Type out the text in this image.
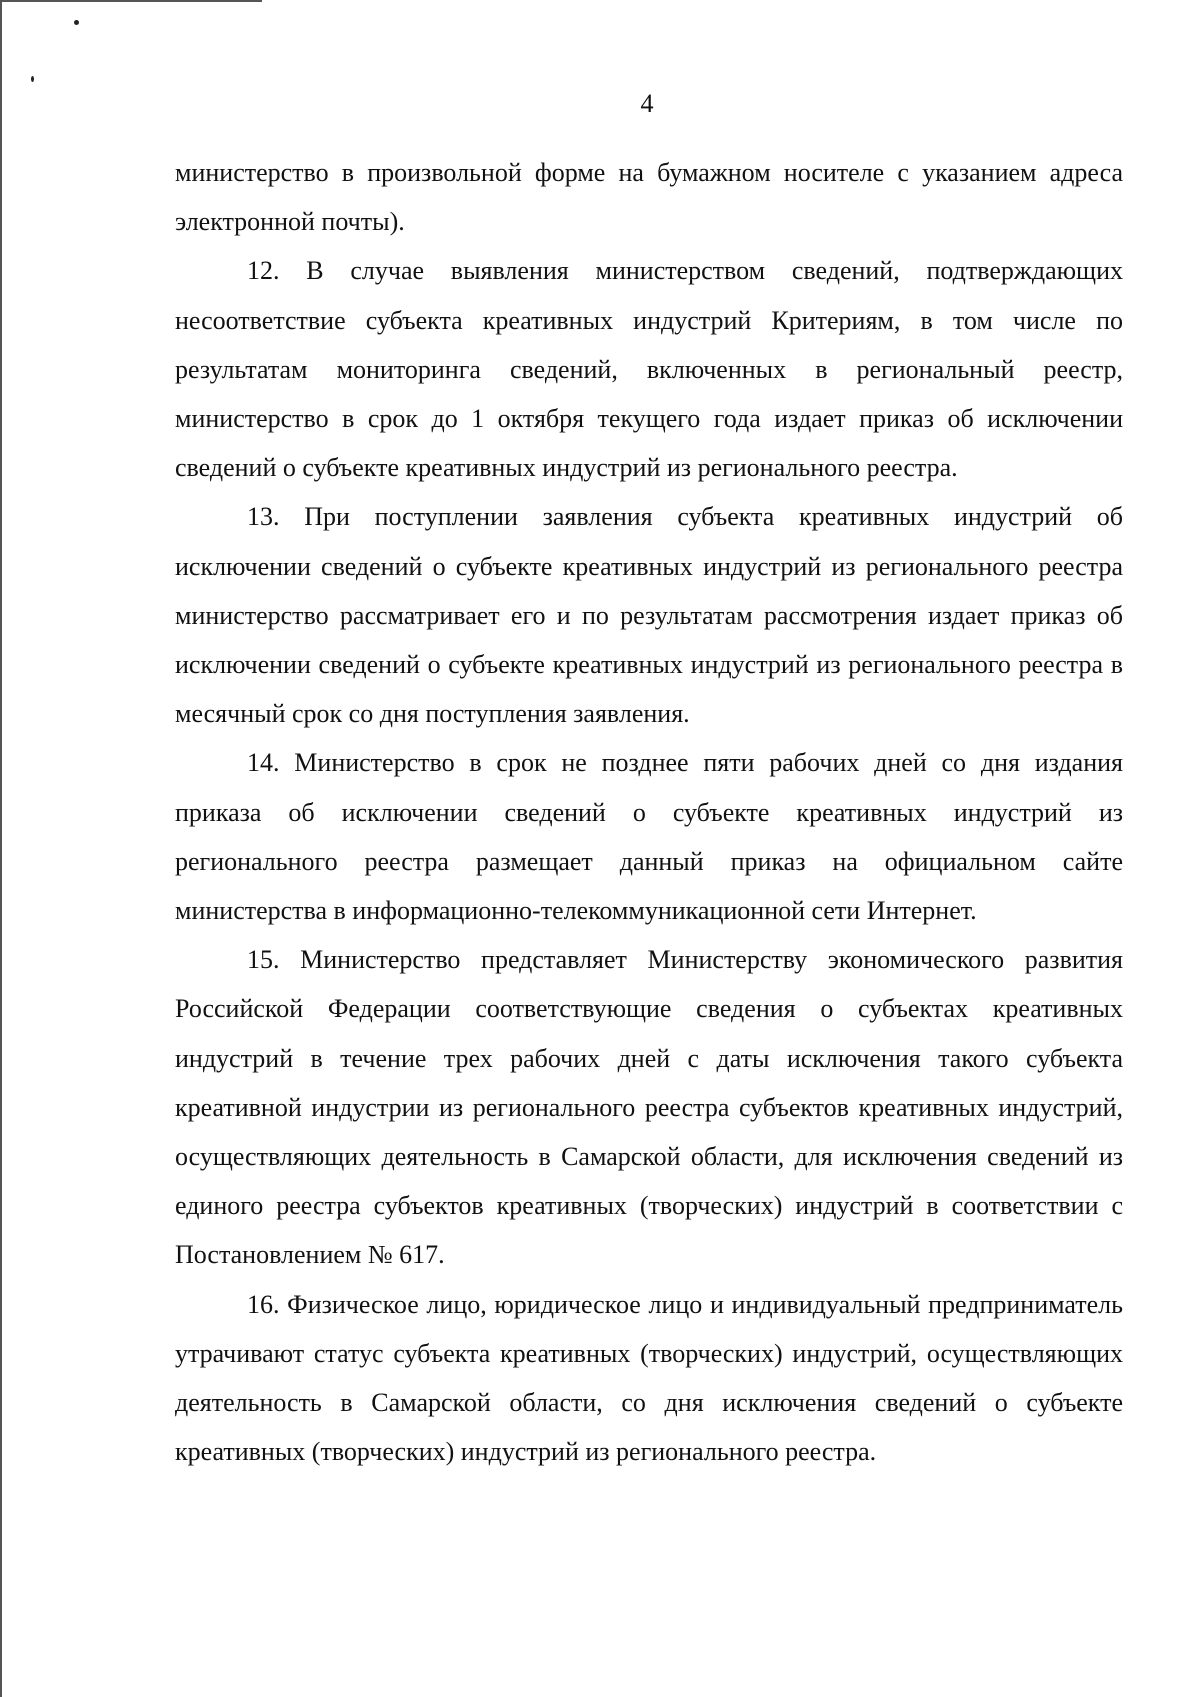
4

министерство в произвольной форме на бумажном носителе с указанием адреса электронной почты).

12. В случае выявления министерством сведений, подтверждающих несоответствие субъекта креативных индустрий Критериям, в том числе по результатам мониторинга сведений, включенных в региональный реестр, министерство в срок до 1 октября текущего года издает приказ об исключении сведений о субъекте креативных индустрий из регионального реестра.

13. При поступлении заявления субъекта креативных индустрий об исключении сведений о субъекте креативных индустрий из регионального реестра министерство рассматривает его и по результатам рассмотрения издает приказ об исключении сведений о субъекте креативных индустрий из регионального реестра в месячный срок со дня поступления заявления.

14. Министерство в срок не позднее пяти рабочих дней со дня издания приказа об исключении сведений о субъекте креативных индустрий из регионального реестра размещает данный приказ на официальном сайте министерства в информационно-телекоммуникационной сети Интернет.

15. Министерство представляет Министерству экономического развития Российской Федерации соответствующие сведения о субъектах креативных индустрий в течение трех рабочих дней с даты исключения такого субъекта креативной индустрии из регионального реестра субъектов креативных индустрий, осуществляющих деятельность в Самарской области, для исключения сведений из единого реестра субъектов креативных (творческих) индустрий в соответствии с Постановлением № 617.

16. Физическое лицо, юридическое лицо и индивидуальный предприниматель утрачивают статус субъекта креативных (творческих) индустрий, осуществляющих деятельность в Самарской области, со дня исключения сведений о субъекте креативных (творческих) индустрий из регионального реестра.
